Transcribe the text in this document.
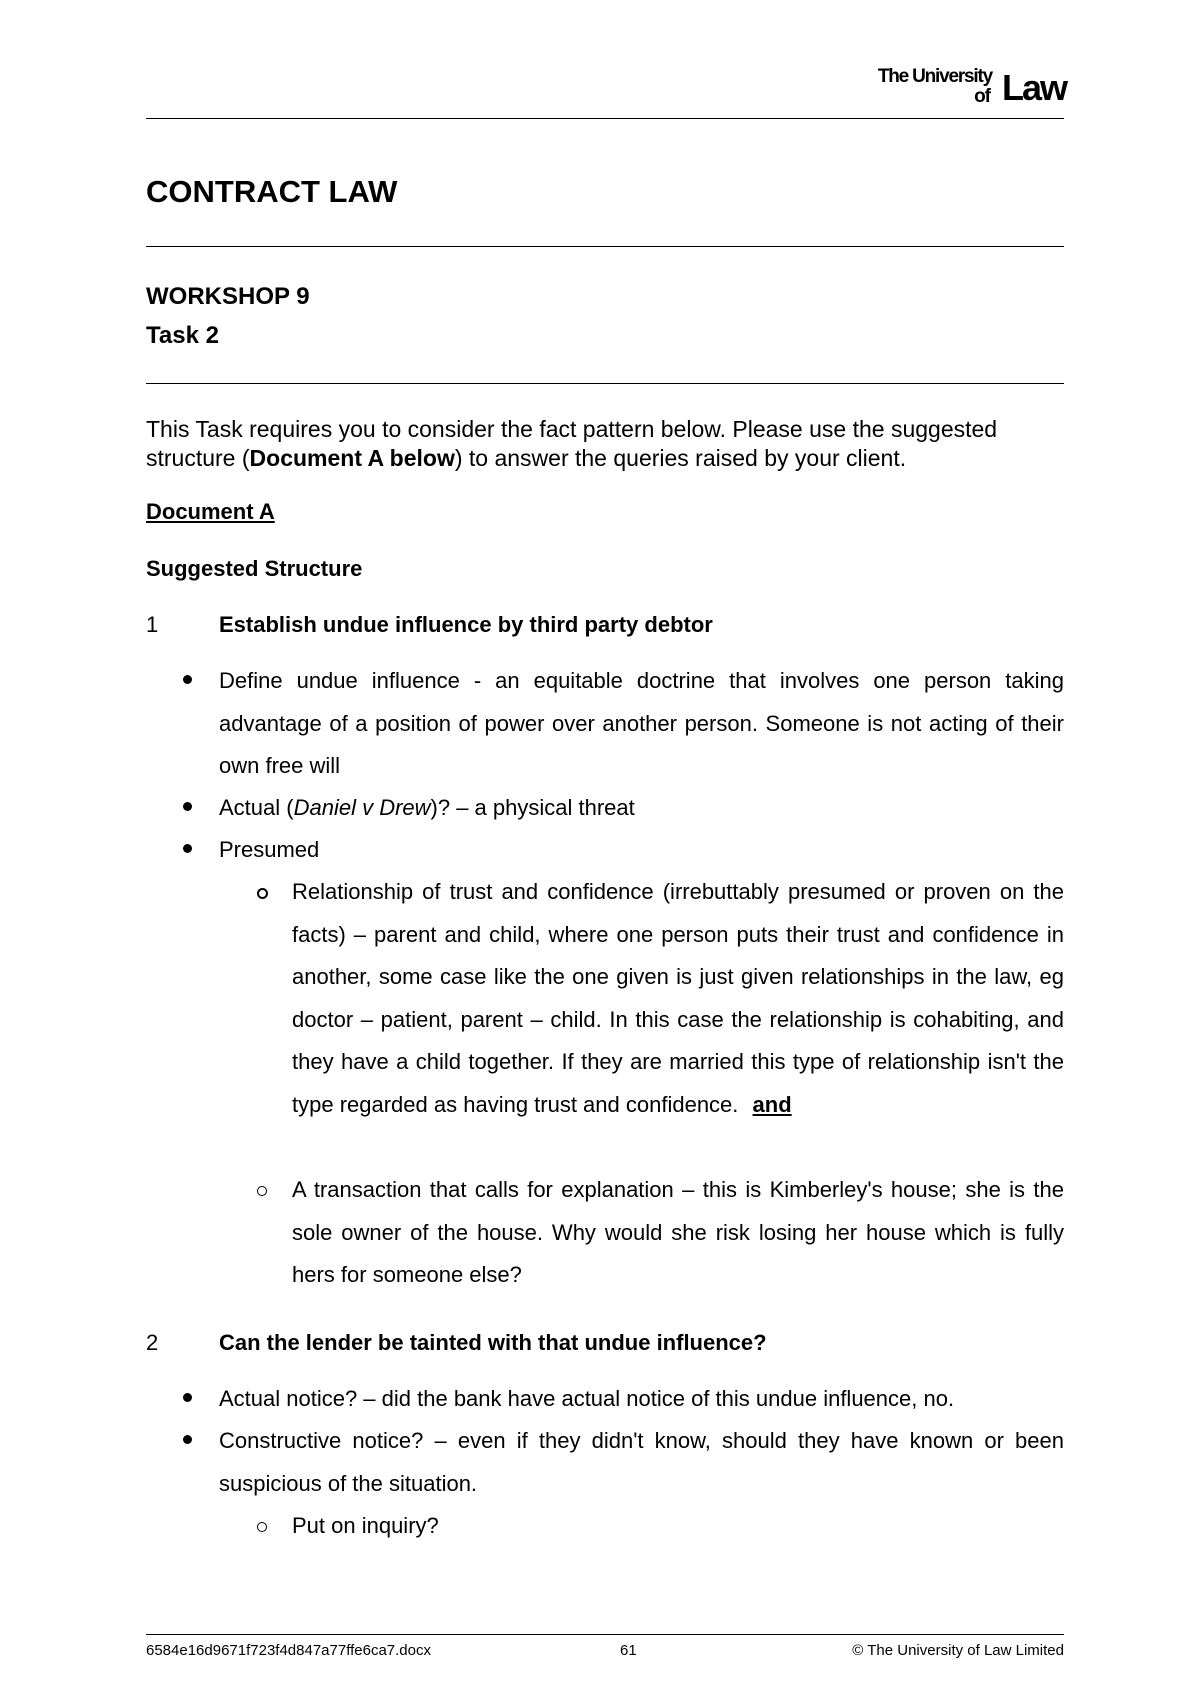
The University
of Law
CONTRACT LAW
WORKSHOP 9
Task 2
This Task requires you to consider the fact pattern below. Please use the suggested structure (Document A below) to answer the queries raised by your client.
Document A
Suggested Structure
1	Establish undue influence by third party debtor
Define undue influence - an equitable doctrine that involves one person taking advantage of a position of power over another person. Someone is not acting of their own free will
Actual (Daniel v Drew)? – a physical threat
Presumed
Relationship of trust and confidence (irrebuttably presumed or proven on the facts) – parent and child, where one person puts their trust and confidence in another, some case like the one given is just given relationships in the law, eg doctor – patient, parent – child. In this case the relationship is cohabiting, and they have a child together. If they are married this type of relationship isn't the type regarded as having trust and confidence. and
A transaction that calls for explanation – this is Kimberley's house; she is the sole owner of the house. Why would she risk losing her house which is fully hers for someone else?
2	Can the lender be tainted with that undue influence?
Actual notice? – did the bank have actual notice of this undue influence, no.
Constructive notice? – even if they didn't know, should they have known or been suspicious of the situation.
Put on inquiry?
6584e16d9671f723f4d847a77ffe6ca7.docx	61	© The University of Law Limited
